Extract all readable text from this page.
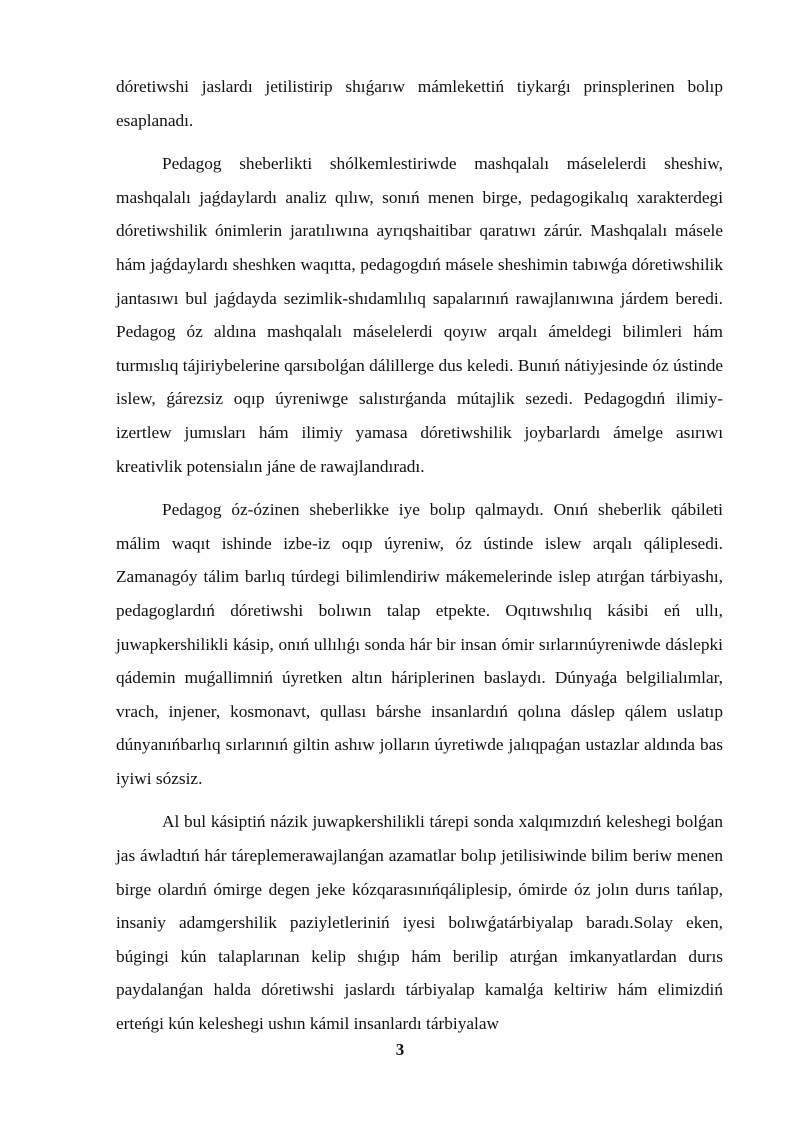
dóretiwshi jaslardı jetilistirip shıǵarıw mámlekettiń tiykarǵı prinsplerinen bolıp esaplanadı.

Pedagog sheberlikti shólkemlestiriwde mashqalalı máselelerdi sheshiw, mashqalalı jaǵdaylardı analiz qılıw, sonıń menen birge, pedagogikalıq xarakterdegi dóretiwshilik ónimlerin jaratılıwına ayrıqshaitibar qaratıwı zárúr. Mashqalalı másele hám jaǵdaylardı sheshken waqıtta, pedagogdıń másele sheshimin tabıwǵa dóretiwshilik jantasıwı bul jaǵdayda sezimlik-shıdamlılıq sapalarınıń rawajlanıwına járdem beredi. Pedagog óz aldına mashqalalı máselelerdi qoyıw arqalı ámeldegi bilimleri hám turmıslıq tájiriybelerine qarsıbolǵan dálillerge dus keledi. Bunıń nátiyjesinde óz ústinde islew, ǵárezsiz oqıp úyreniwge salıstırǵanda mútajlik sezedi. Pedagogdıń ilimiy-izertlew jumısları hám ilimiy yamasa dóretiwshilik joybarlardı ámelge asırıwı kreativlik potensialın jáne de rawajlandıradı.

Pedagog óz-ózinen sheberlikke iye bolıp qalmaydı. Onıń sheberlik qábileti málim waqıt ishinde izbe-iz oqıp úyreniw, óz ústinde islew arqalı qáliplesedi. Zamanagóy tálim barlıq túrdegi bilimlendiriw mákemelerinde islep atırǵan tárbiyashı, pedagoglardıń dóretiwshi bolıwın talap etpekte. Oqıtıwshılıq kásibi eń ullı, juwapkershilikli kásip, onıń ullılıǵı sonda hár bir insan ómir sırlarınúyreniwde dáslepki qádemin muǵallimniń úyretken altın háriplerinen baslaydı. Dúnyaǵa belgilialımlar, vrach, injener, kosmonavt, qullası bárshe insanlardıń qolına dáslep qálem uslatıp dúnyanıńbarlıq sırlarınıń giltin ashıw jolların úyretiwde jalıqpaǵan ustazlar aldında bas iyiwi sózsiz.

Al bul kásiptiń názik juwapkershilikli tárepi sonda xalqımızdıń keleshegi bolǵan jas áwladtıń hár táreplemerawajlanǵan azamatlar bolıp jetilisiwinde bilim beriw menen birge olardıń ómirge degen jeke kózqarasınıńqáliplesip, ómirde óz jolın durıs tańlap, insaniy adamgershilik paziyletleriniń iyesi bolıwǵatárbiyalap baradı.Solay eken, búgingi kún talaplarınan kelip shıǵıp hám berilip atırǵan imkanyatlardan durıs paydalanǵan halda dóretiwshi jaslardı tárbiyalap kamalǵa keltiriw hám elimizdiń erteńgi kún keleshegi ushın kámil insanlardı tárbiyalaw

3
